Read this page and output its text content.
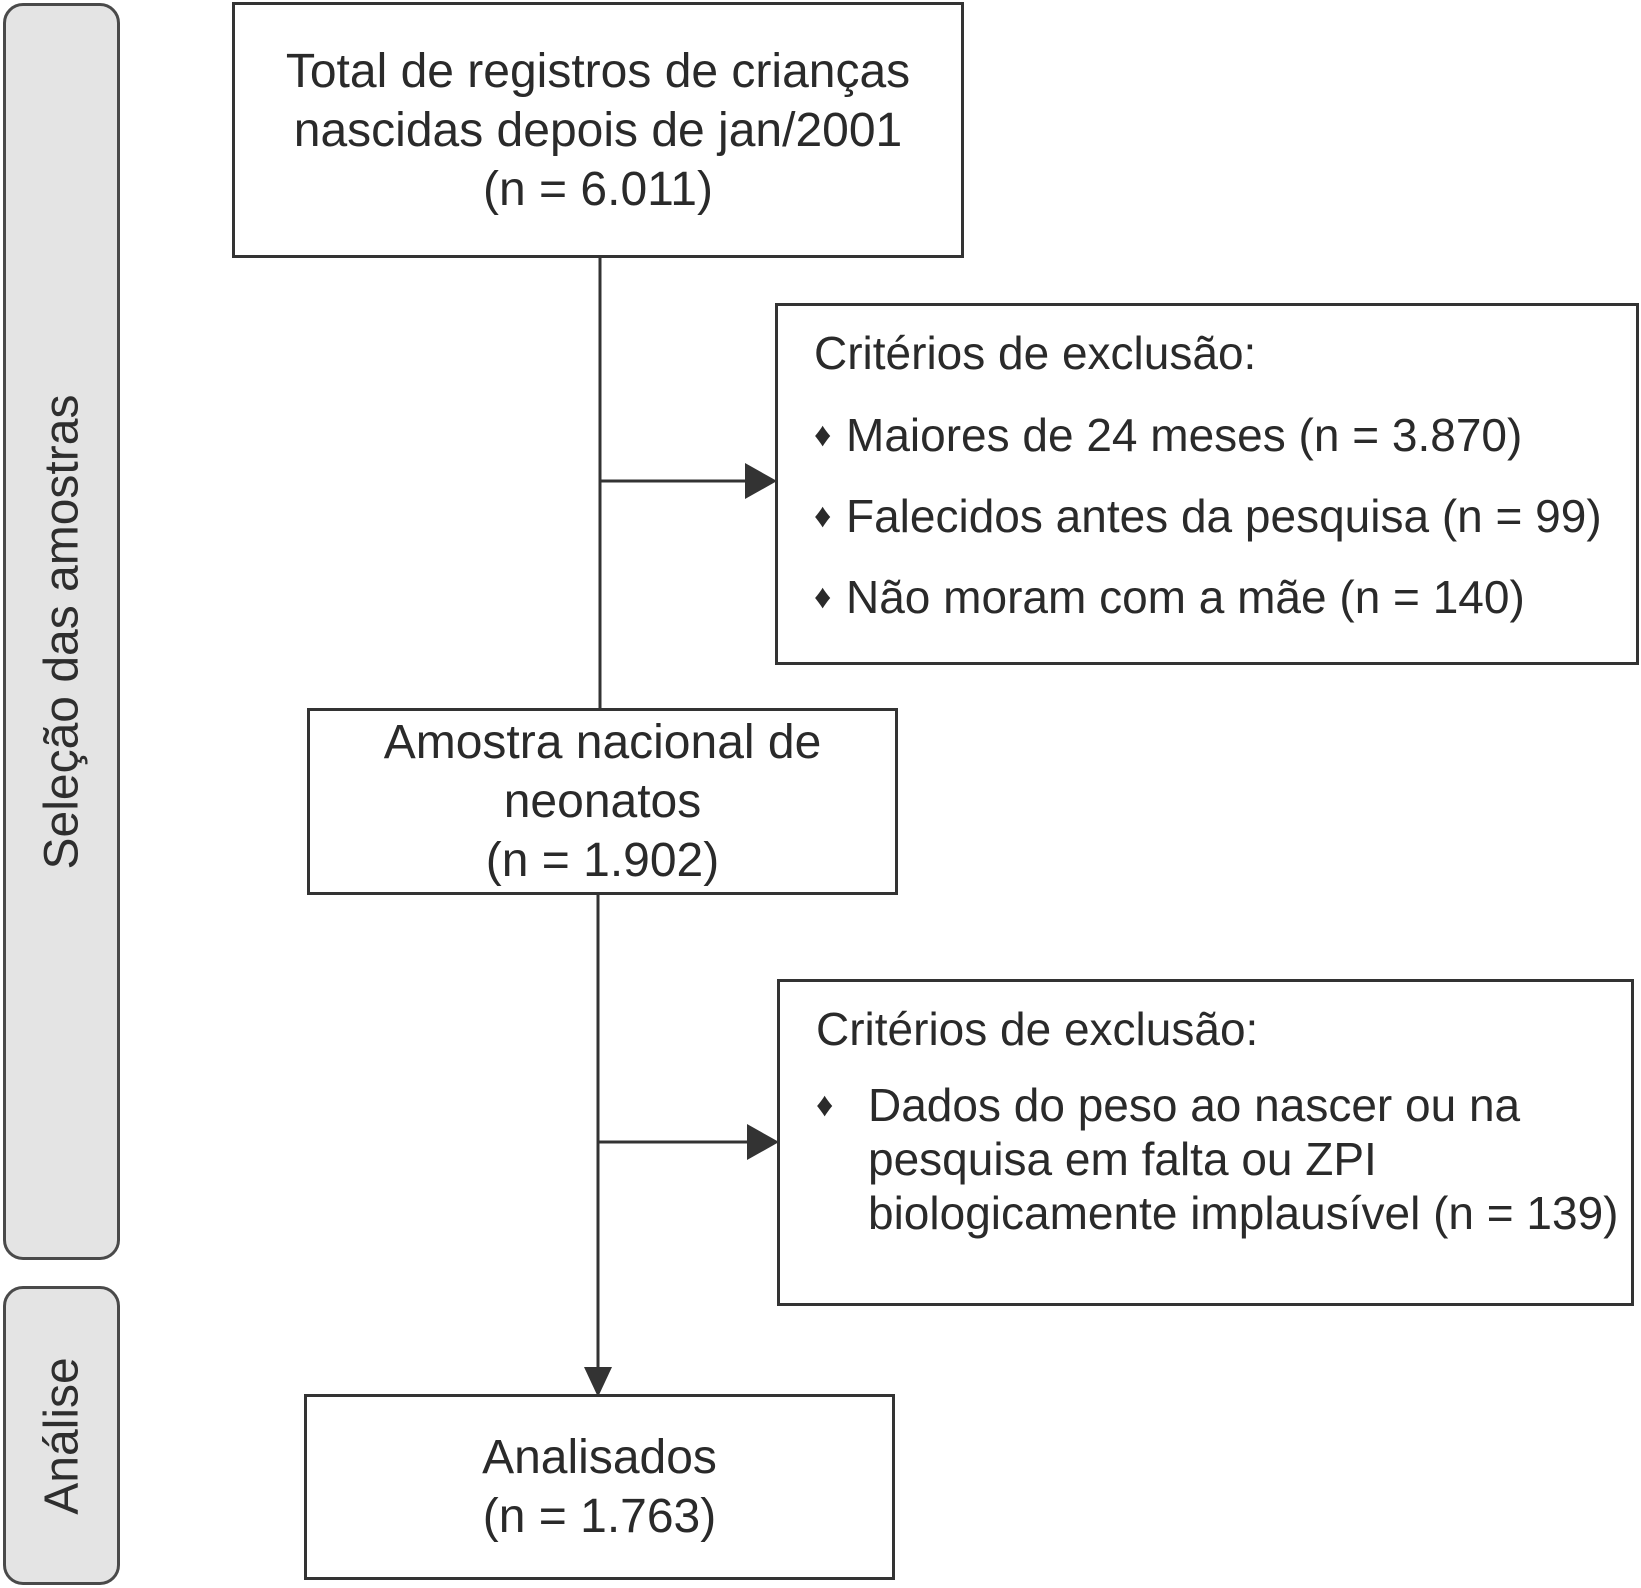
Seleção das amostras
Análise
Total de registros de crianças
nascidas depois de jan/2001
(n = 6.011)
Critérios de exclusão:
♦ Maiores de 24 meses (n = 3.870)
♦ Falecidos antes da pesquisa (n = 99)
♦ Não moram com a mãe (n = 140)
Amostra nacional de
neonatos
(n = 1.902)
Critérios de exclusão:
♦ Dados do peso ao nascer ou na
pesquisa em falta ou ZPI
biologicamente implausível (n = 139)
Analisados
(n = 1.763)
